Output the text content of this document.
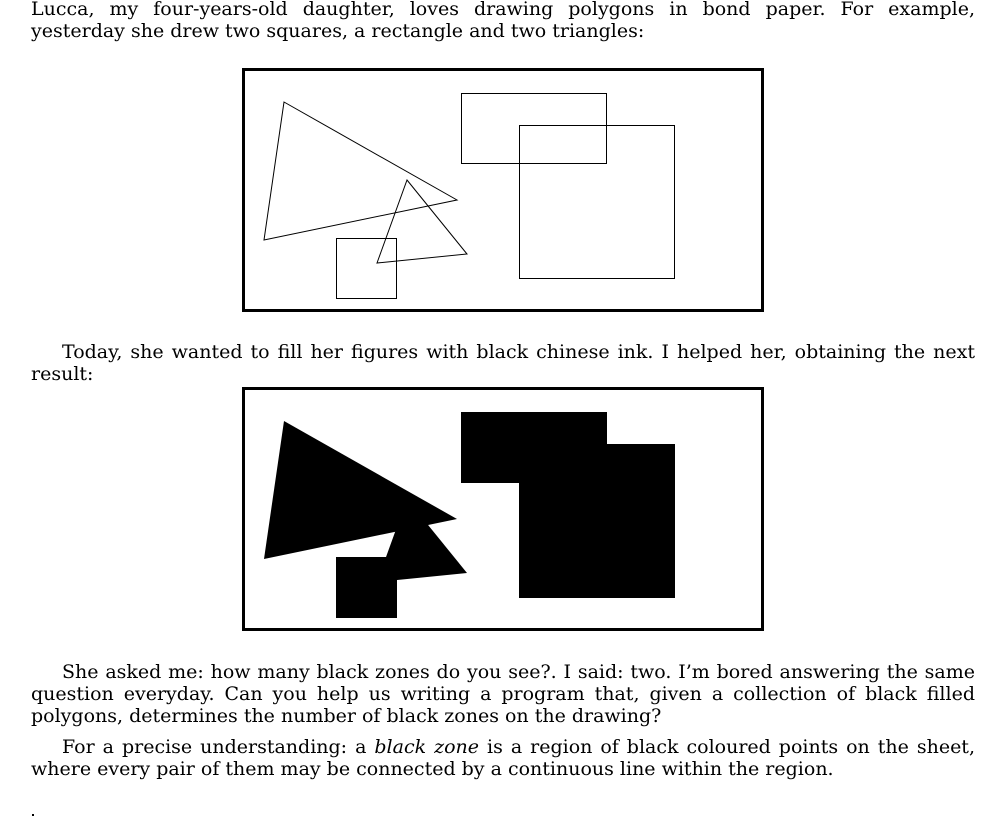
Lucca, my four-years-old daughter, loves drawing polygons in bond paper. For example, yesterday she drew two squares, a rectangle and two triangles:

Today, she wanted to fill her figures with black chinese ink. I helped her, obtaining the next result:

She asked me: how many black zones do you see?. I said: two. I’m bored answering the same question everyday. Can you help us writing a program that, given a collection of black filled polygons, determines the number of black zones on the drawing?

For a precise understanding: a black zone is a region of black coloured points on the sheet, where every pair of them may be connected by a continuous line within the region.
